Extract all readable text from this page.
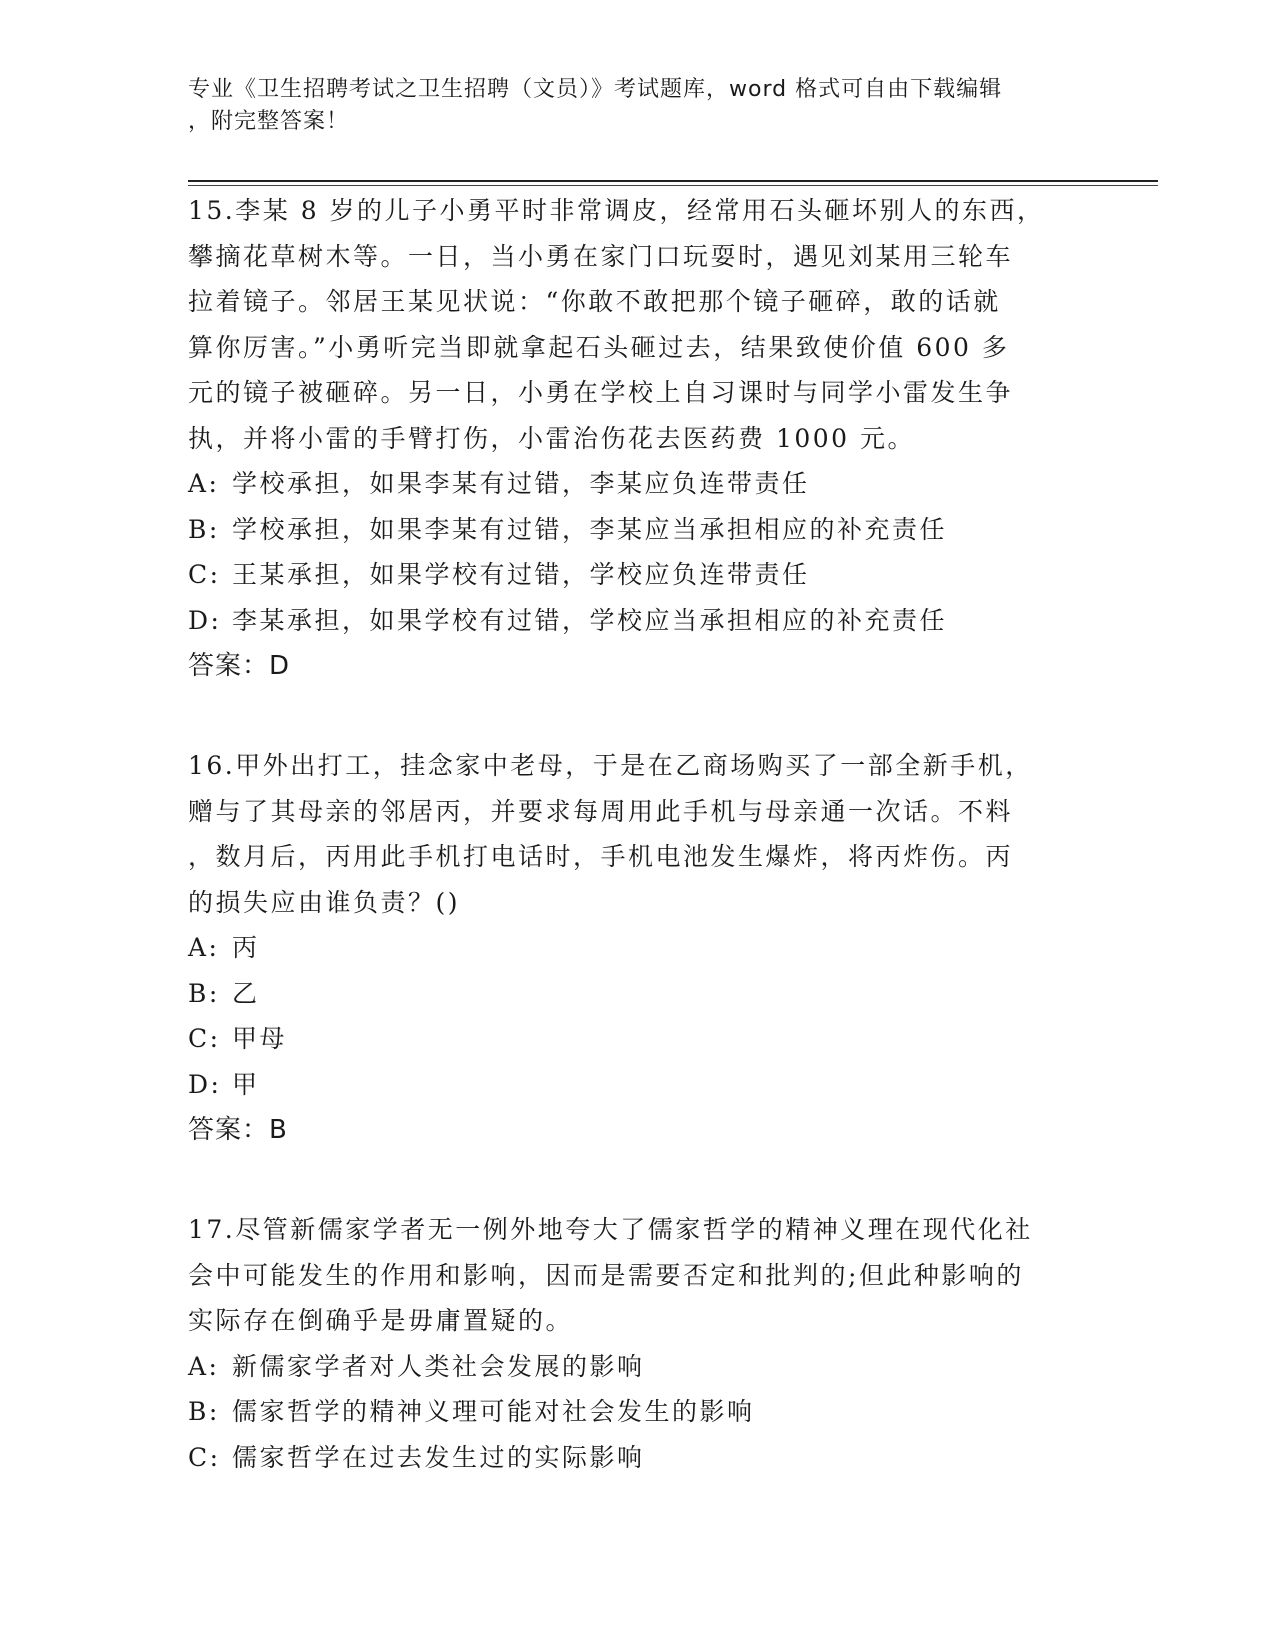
专业《卫生招聘考试之卫生招聘（文员）》考试题库，word 格式可自由下载编辑
，附完整答案！
15.李某 8 岁的儿子小勇平时非常调皮，经常用石头砸坏别人的东西，
攀摘花草树木等。一日，当小勇在家门口玩耍时，遇见刘某用三轮车
拉着镜子。邻居王某见状说：“你敢不敢把那个镜子砸碎，敢的话就
算你厉害。”小勇听完当即就拿起石头砸过去，结果致使价值 600 多
元的镜子被砸碎。另一日，小勇在学校上自习课时与同学小雷发生争
执，并将小雷的手臂打伤，小雷治伤花去医药费 1000 元。
A: 学校承担，如果李某有过错，李某应负连带责任
B: 学校承担，如果李某有过错，李某应当承担相应的补充责任
C: 王某承担，如果学校有过错，学校应负连带责任
D: 李某承担，如果学校有过错，学校应当承担相应的补充责任
答案：D
16.甲外出打工，挂念家中老母，于是在乙商场购买了一部全新手机，
赠与了其母亲的邻居丙，并要求每周用此手机与母亲通一次话。不料
，数月后，丙用此手机打电话时，手机电池发生爆炸，将丙炸伤。丙
的损失应由谁负责？()
A: 丙
B: 乙
C: 甲母
D: 甲
答案：B
17.尽管新儒家学者无一例外地夸大了儒家哲学的精神义理在现代化社
会中可能发生的作用和影响，因而是需要否定和批判的;但此种影响的
实际存在倒确乎是毋庸置疑的。
A: 新儒家学者对人类社会发展的影响
B: 儒家哲学的精神义理可能对社会发生的影响
C: 儒家哲学在过去发生过的实际影响
